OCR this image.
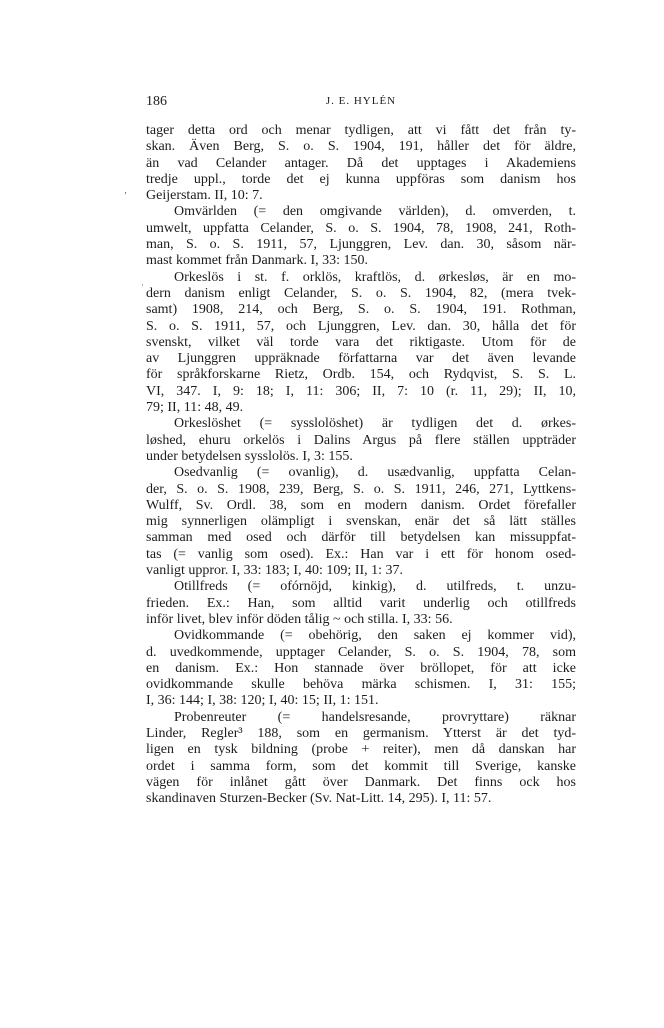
186	J. E. HYLÉN
‚
·
tager detta ord och menar tydligen, att vi fått det från ty-
skan. Även Berg, S. o. S. 1904, 191, håller det för äldre,
än vad Celander antager. Då det upptages i Akademiens
tredje uppl., torde det ej kunna uppföras som danism hos
Geijerstam. II, 10: 7.
Omvärlden (= den omgivande världen), d. omverden, t.
umwelt, uppfatta Celander, S. o. S. 1904, 78, 1908, 241, Roth-
man, S. o. S. 1911, 57, Ljunggren, Lev. dan. 30, såsom när-
mast kommet från Danmark. I, 33: 150.
Orkeslös i st. f. orklös, kraftlös, d. ørkesløs, är en mo-
dern danism enligt Celander, S. o. S. 1904, 82, (mera tvek-
samt) 1908, 214, och Berg, S. o. S. 1904, 191. Rothman,
S. o. S. 1911, 57, och Ljunggren, Lev. dan. 30, hålla det för
svenskt, vilket väl torde vara det riktigaste. Utom för de
av Ljunggren uppräknade författarna var det även levande
för språkforskarne Rietz, Ordb. 154, och Rydqvist, S. S. L.
VI, 347. I, 9: 18; I, 11: 306; II, 7: 10 (r. 11, 29); II, 10,
79; II, 11: 48, 49.
Orkeslöshet (= sysslolöshet) är tydligen det d. ørkes-
løshed, ehuru orkelös i Dalins Argus på flere ställen uppträder
under betydelsen sysslolös. I, 3: 155.
Osedvanlig (= ovanlig), d. usædvanlig, uppfatta Celan-
der, S. o. S. 1908, 239, Berg, S. o. S. 1911, 246, 271, Lyttkens-
Wulff, Sv. Ordl. 38, som en modern danism. Ordet förefaller
mig synnerligen olämpligt i svenskan, enär det så lätt ställes
samman med osed och därför till betydelsen kan missuppfat-
tas (= vanlig som osed). Ex.: Han var i ett för honom osed-
vanligt uppror. I, 33: 183; I, 40: 109; II, 1: 37.
Otillfreds (= ofórnöjd, kinkig), d. utilfreds, t. unzu-
frieden. Ex.: Han, som alltid varit underlig och otillfreds
inför livet, blev inför döden tålig ~ och stilla. I, 33: 56.
Ovidkommande (= obehörig, den saken ej kommer vid),
d. uvedkommende, upptager Celander, S. o. S. 1904, 78, som
en danism. Ex.: Hon stannade över bröllopet, för att icke
ovidkommande skulle behöva märka schismen. I, 31: 155;
I, 36: 144; I, 38: 120; I, 40: 15; II, 1: 151.
Probenreuter (= handelsresande, provryttare) räknar
Linder, Regler³ 188, som en germanism. Ytterst är det tyd-
ligen en tysk bildning (probe + reiter), men då danskan har
ordet i samma form, som det kommit till Sverige, kanske
vägen för inlånet gått över Danmark. Det finns ock hos
skandinaven Sturzen-Becker (Sv. Nat-Litt. 14, 295). I, 11: 57.
